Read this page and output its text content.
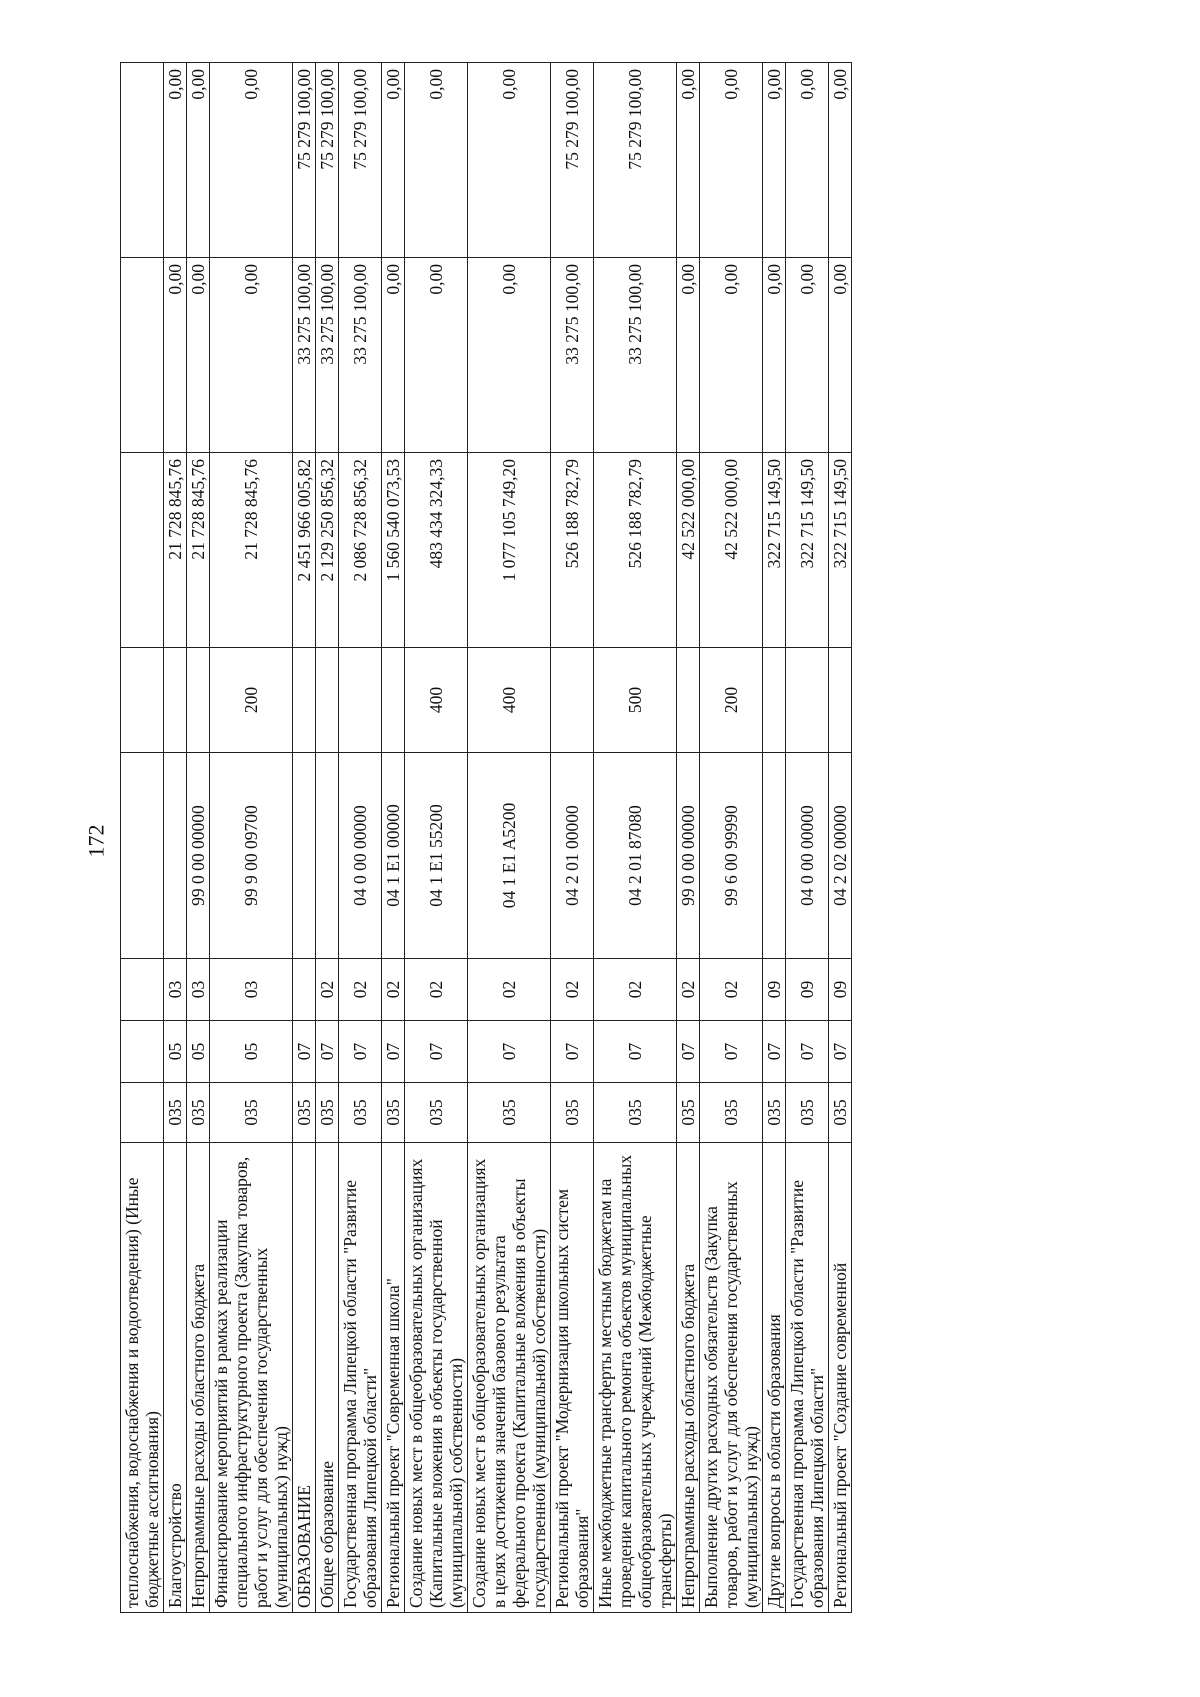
172
теплоснабжения, водоснабжения и водоотведения) (Иные бюджетные ассигнования)								
Благоустройство	035	05	03			21 728 845,76	0,00	0,00
Непрограммные расходы областного бюджета	035	05	03	99 0 00 00000		21 728 845,76	0,00	0,00
Финансирование мероприятий в рамках реализации специального инфраструктурного проекта (Закупка товаров, работ и услуг для обеспечения государственных (муниципальных) нужд)	035	05	03	99 9 00 09700	200	21 728 845,76	0,00	0,00
ОБРАЗОВАНИЕ	035	07				2 451 966 005,82	33 275 100,00	75 279 100,00
Общее образование	035	07	02			2 129 250 856,32	33 275 100,00	75 279 100,00
Государственная программа Липецкой области "Развитие образования Липецкой области"	035	07	02	04 0 00 00000		2 086 728 856,32	33 275 100,00	75 279 100,00
Региональный проект "Современная школа"	035	07	02	04 1 E1 00000		1 560 540 073,53	0,00	0,00
Создание новых мест в общеобразовательных организациях (Капитальные вложения в объекты государственной (муниципальной) собственности)	035	07	02	04 1 E1 55200	400	483 434 324,33	0,00	0,00
Создание новых мест в общеобразовательных организациях в целях достижения значений базового результата федерального проекта (Капитальные вложения в объекты государственной (муниципальной) собственности)	035	07	02	04 1 E1 A5200	400	1 077 105 749,20	0,00	0,00
Региональный проект "Модернизация школьных систем образования"	035	07	02	04 2 01 00000		526 188 782,79	33 275 100,00	75 279 100,00
Иные межбюджетные трансферты местным бюджетам на проведение капитального ремонта объектов муниципальных общеобразовательных учреждений (Межбюджетные трансферты)	035	07	02	04 2 01 87080	500	526 188 782,79	33 275 100,00	75 279 100,00
Непрограммные расходы областного бюджета	035	07	02	99 0 00 00000		42 522 000,00	0,00	0,00
Выполнение других расходных обязательств (Закупка товаров, работ и услуг для обеспечения государственных (муниципальных) нужд)	035	07	02	99 6 00 99990	200	42 522 000,00	0,00	0,00
Другие вопросы в области образования	035	07	09			322 715 149,50	0,00	0,00
Государственная программа Липецкой области "Развитие образования Липецкой области"	035	07	09	04 0 00 00000		322 715 149,50	0,00	0,00
Региональный проект "Создание современной	035	07	09	04 2 02 00000		322 715 149,50	0,00	0,00
